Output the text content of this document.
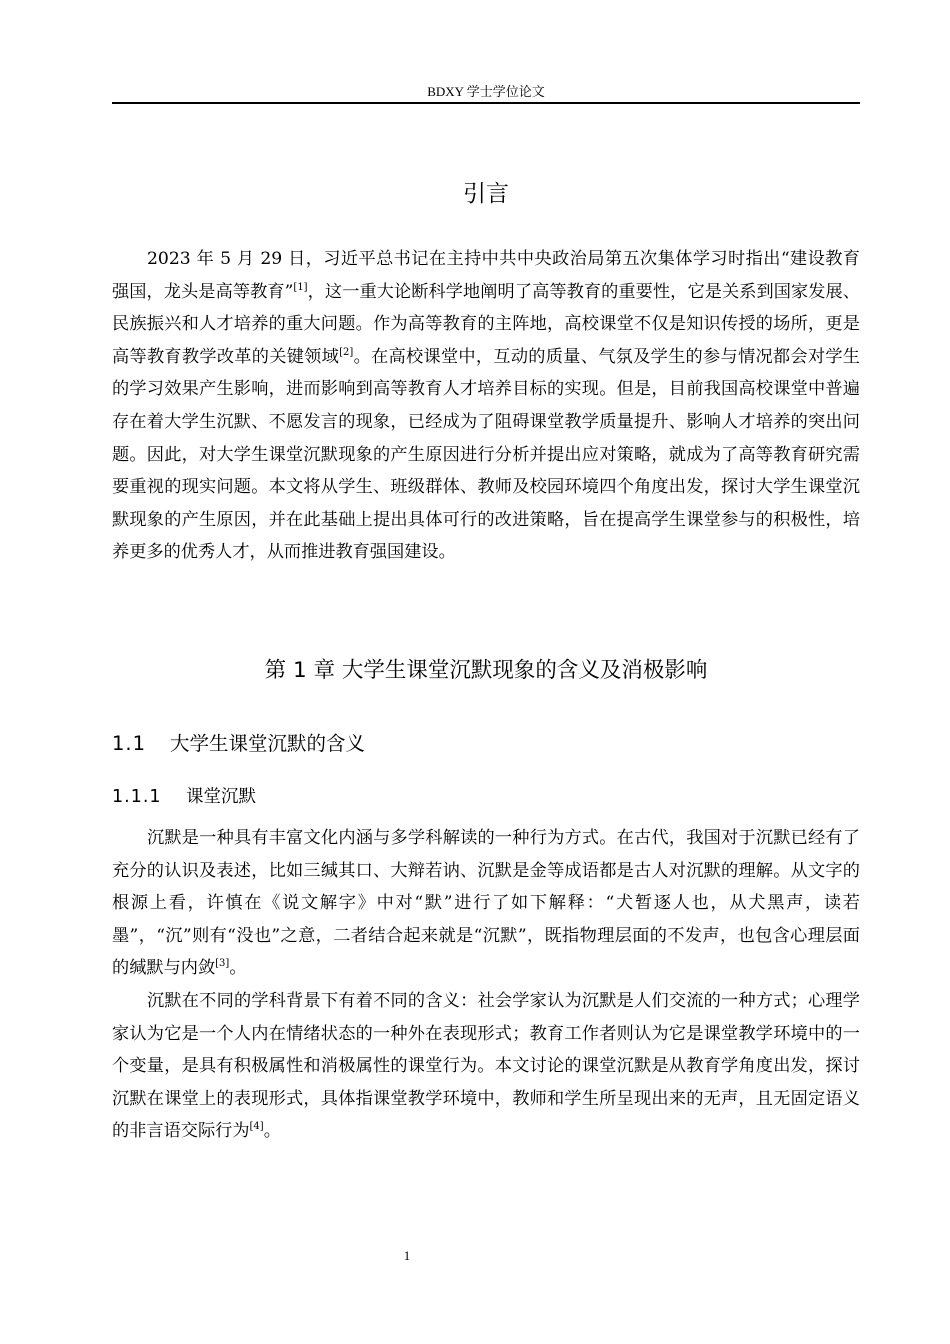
BDXY 学士学位论文
引言

2023 年 5 月 29 日，习近平总书记在主持中共中央政治局第五次集体学习时指出“建设教育强国，龙头是高等教育”[1]，这一重大论断科学地阐明了高等教育的重要性，它是关系到国家发展、民族振兴和人才培养的重大问题。作为高等教育的主阵地，高校课堂不仅是知识传授的场所，更是高等教育教学改革的关键领域[2]。在高校课堂中，互动的质量、气氛及学生的参与情况都会对学生的学习效果产生影响，进而影响到高等教育人才培养目标的实现。但是，目前我国高校课堂中普遍存在着大学生沉默、不愿发言的现象，已经成为了阻碍课堂教学质量提升、影响人才培养的突出问题。因此，对大学生课堂沉默现象的产生原因进行分析并提出应对策略，就成为了高等教育研究需要重视的现实问题。本文将从学生、班级群体、教师及校园环境四个角度出发，探讨大学生课堂沉默现象的产生原因，并在此基础上提出具体可行的改进策略，旨在提高学生课堂参与的积极性，培养更多的优秀人才，从而推进教育强国建设。

第 1 章 大学生课堂沉默现象的含义及消极影响
1.1 大学生课堂沉默的含义
1.1.1 课堂沉默

沉默是一种具有丰富文化内涵与多学科解读的一种行为方式。在古代，我国对于沉默已经有了充分的认识及表述，比如三缄其口、大辩若讷、沉默是金等成语都是古人对沉默的理解。从文字的根源上看，许慎在《说文解字》中对“默”进行了如下解释：“犬暂逐人也，从犬黑声，读若墨”，“沉”则有“没也”之意，二者结合起来就是“沉默”，既指物理层面的不发声，也包含心理层面的缄默与内敛[3]。

沉默在不同的学科背景下有着不同的含义：社会学家认为沉默是人们交流的一种方式；心理学家认为它是一个人内在情绪状态的一种外在表现形式；教育工作者则认为它是课堂教学环境中的一个变量，是具有积极属性和消极属性的课堂行为。本文讨论的课堂沉默是从教育学角度出发，探讨沉默在课堂上的表现形式，具体指课堂教学环境中，教师和学生所呈现出来的无声，且无固定语义的非言语交际行为[4]。

1
